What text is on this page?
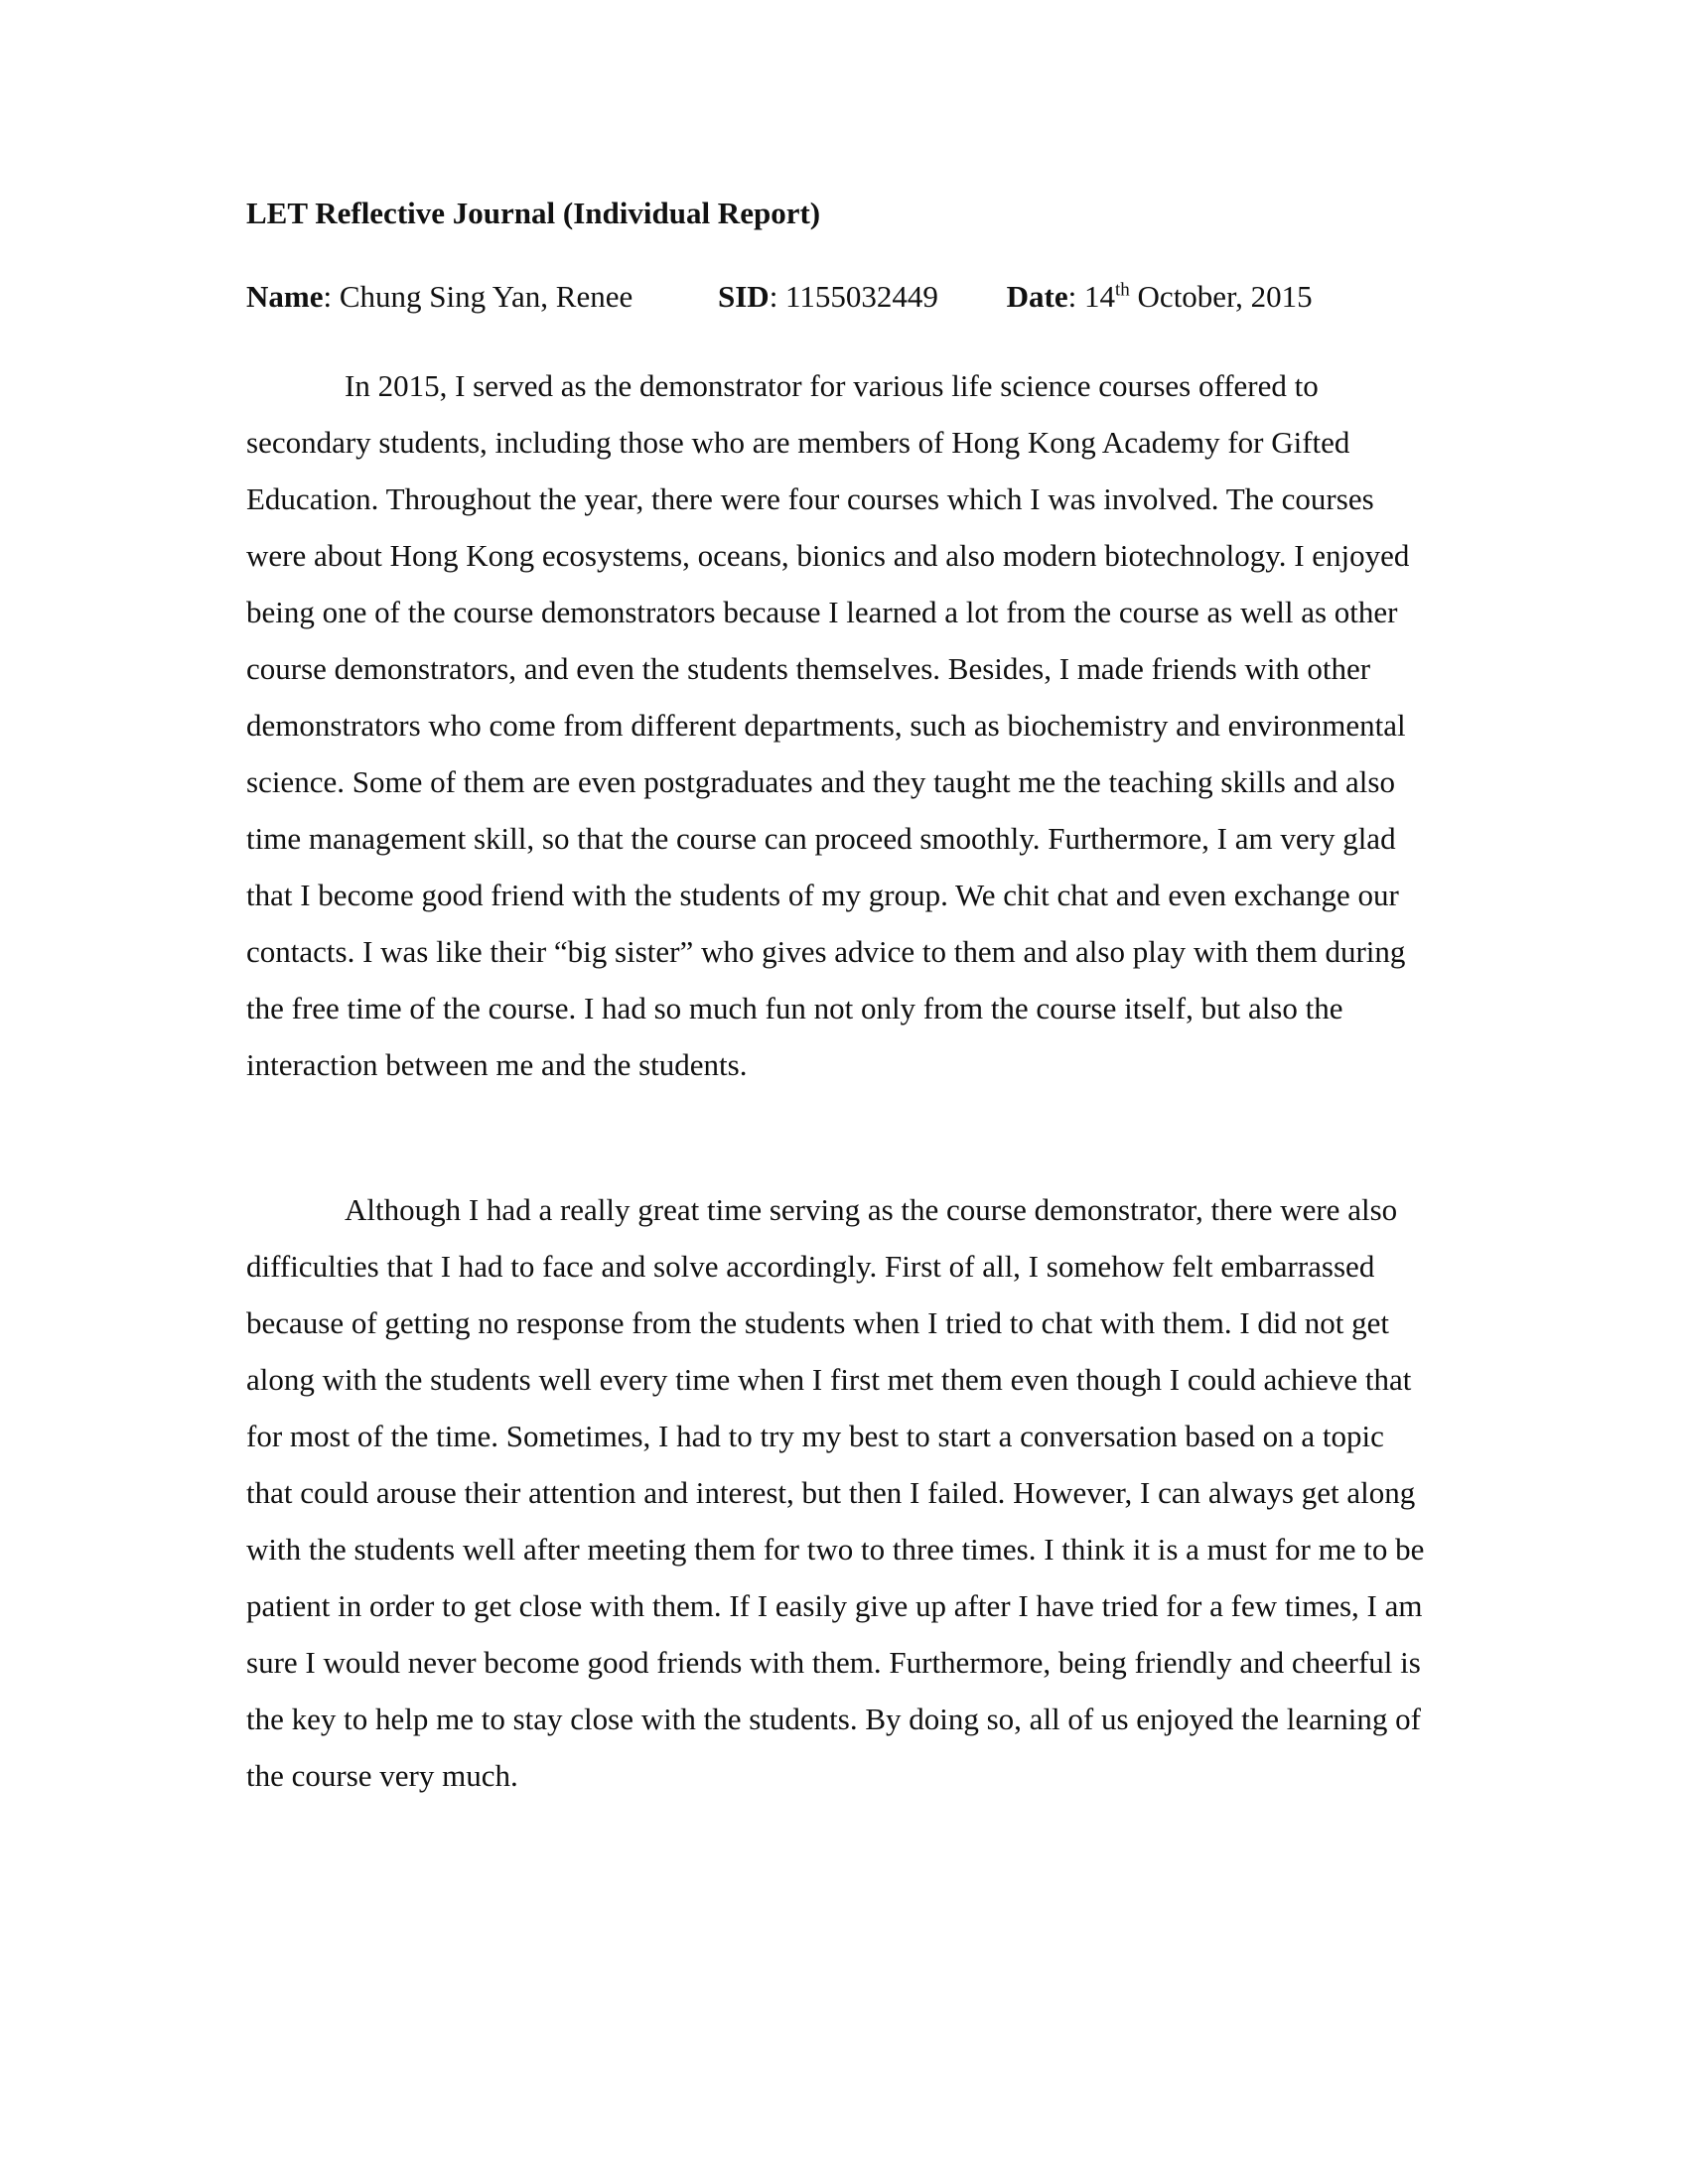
LET Reflective Journal (Individual Report)
Name: Chung Sing Yan, Renee	SID: 1155032449 Date: 14th October, 2015

In 2015, I served as the demonstrator for various life science courses offered to secondary students, including those who are members of Hong Kong Academy for Gifted Education. Throughout the year, there were four courses which I was involved. The courses were about Hong Kong ecosystems, oceans, bionics and also modern biotechnology. I enjoyed being one of the course demonstrators because I learned a lot from the course as well as other course demonstrators, and even the students themselves. Besides, I made friends with other demonstrators who come from different departments, such as biochemistry and environmental science. Some of them are even postgraduates and they taught me the teaching skills and also time management skill, so that the course can proceed smoothly. Furthermore, I am very glad that I become good friend with the students of my group. We chit chat and even exchange our contacts. I was like their “big sister” who gives advice to them and also play with them during the free time of the course. I had so much fun not only from the course itself, but also the interaction between me and the students.

Although I had a really great time serving as the course demonstrator, there were also difficulties that I had to face and solve accordingly. First of all, I somehow felt embarrassed because of getting no response from the students when I tried to chat with them. I did not get along with the students well every time when I first met them even though I could achieve that for most of the time. Sometimes, I had to try my best to start a conversation based on a topic that could arouse their attention and interest, but then I failed. However, I can always get along with the students well after meeting them for two to three times. I think it is a must for me to be patient in order to get close with them. If I easily give up after I have tried for a few times, I am sure I would never become good friends with them. Furthermore, being friendly and cheerful is the key to help me to stay close with the students. By doing so, all of us enjoyed the learning of the course very much.
